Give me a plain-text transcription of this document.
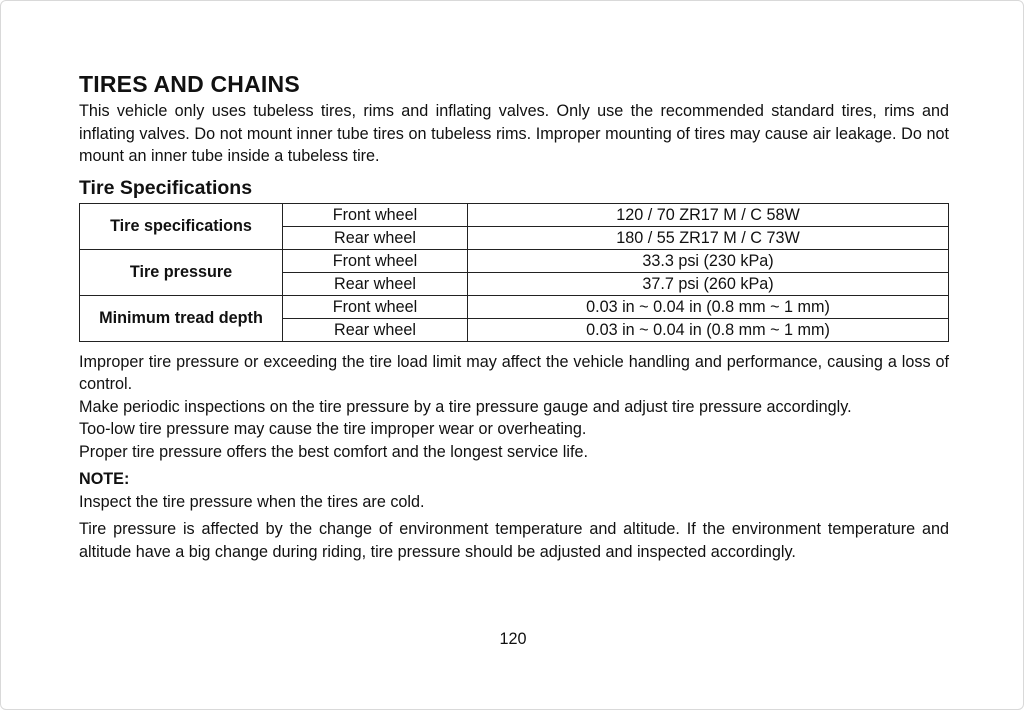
TIRES AND CHAINS

This vehicle only uses tubeless tires, rims and inflating valves. Only use the recommended standard tires, rims and inflating valves. Do not mount inner tube tires on tubeless rims. Improper mounting of tires may cause air leakage. Do not mount an inner tube inside a tubeless tire.

Tire Specifications
Tire specifications	Front wheel	120 / 70 ZR17 M / C 58W
	Rear wheel	180 / 55 ZR17 M / C 73W
Tire pressure	Front wheel	33.3 psi (230 kPa)
	Rear wheel	37.7 psi (260 kPa)
Minimum tread depth	Front wheel	0.03 in ~ 0.04 in (0.8 mm ~ 1 mm)
	Rear wheel	0.03 in ~ 0.04 in (0.8 mm ~ 1 mm)

Improper tire pressure or exceeding the tire load limit may affect the vehicle handling and performance, causing a loss of control.

Make periodic inspections on the tire pressure by a tire pressure gauge and adjust tire pressure accordingly.

Too-low tire pressure may cause the tire improper wear or overheating.

Proper tire pressure offers the best comfort and the longest service life.

NOTE:

Inspect the tire pressure when the tires are cold.

Tire pressure is affected by the change of environment temperature and altitude. If the environment temperature and altitude have a big change during riding, tire pressure should be adjusted and inspected accordingly.

120
